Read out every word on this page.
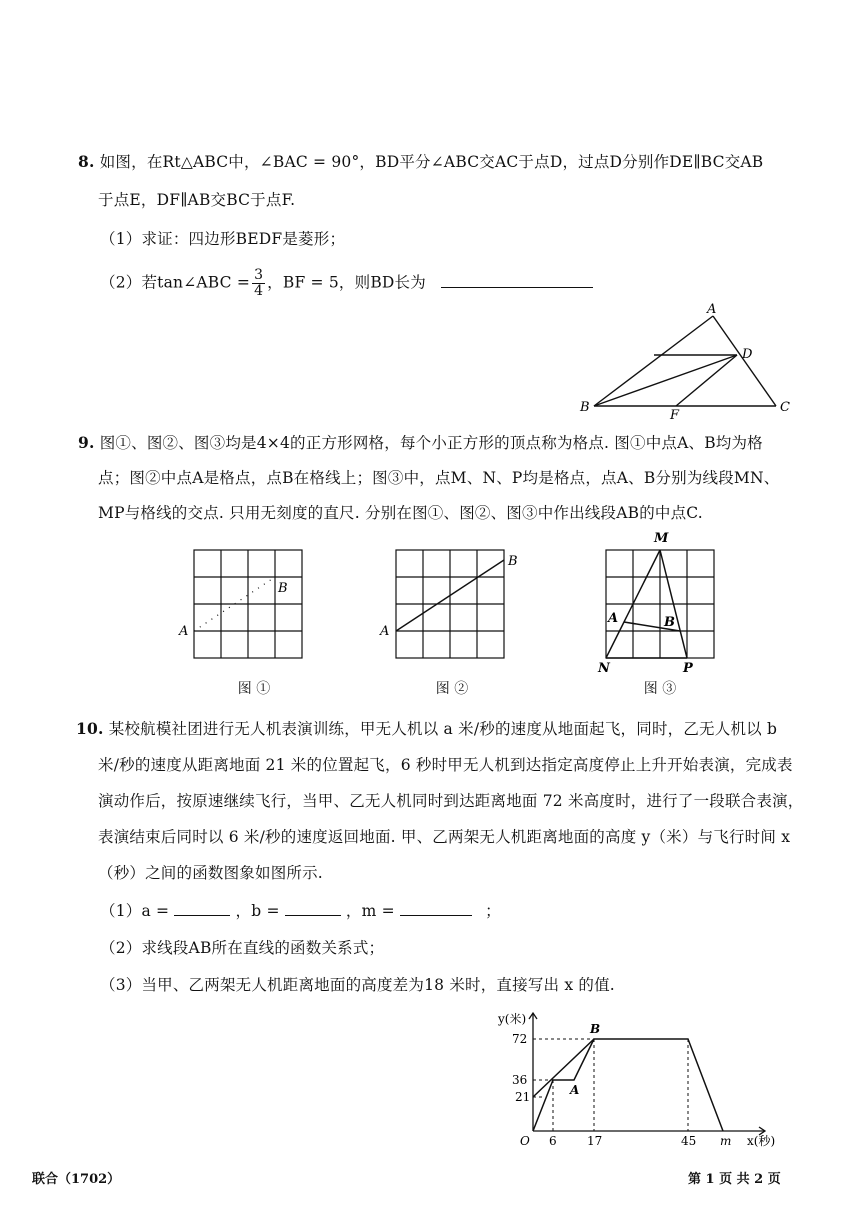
8. 如图，在Rt△ABC中，∠BAC = 90°，BD平分∠ABC交AC于点D，过点D分别作DE∥BC交AB
于点E，DF∥AB交BC于点F.
（1）求证：四边形BEDF是菱形；
（2）若tan∠ABC = $\frac{3}{4}$ ，BF = 5，则BD长为
A
D
B
F
C
9. 图①、图②、图③均是4×4的正方形网格，每个小正方形的顶点称为格点. 图①中点A、B均为格
点；图②中点A是格点，点B在格线上；图③中，点M、N、P均是格点，点A、B分别为线段MN、
MP与格线的交点. 只用无刻度的直尺. 分别在图①、图②、图③中作出线段AB的中点C.
A
B
图 ①
A
B
图 ②
M
A	B
N	P
图 ③
10. 某校航模社团进行无人机表演训练，甲无人机以 a 米/秒的速度从地面起飞，同时，乙无人机以 b
米/秒的速度从距离地面 21 米的位置起飞，6 秒时甲无人机到达指定高度停止上升开始表演，完成表
演动作后，按原速继续飞行，当甲、乙无人机同时到达距离地面 72 米高度时，进行了一段联合表演，
表演结束后同时以 6 米/秒的速度返回地面. 甲、乙两架无人机距离地面的高度 y（米）与飞行时间 x
（秒）之间的函数图象如图所示.
（1）a =	，b =	，m =	；
（2）求线段AB所在直线的函数关系式；
（3）当甲、乙两架无人机距离地面的高度差为18 米时，直接写出 x 的值.
y(米)
x(秒)
72
36
21
6	17	45 m
O
B
A
联合（1702）	第 1 页 共 2 页
